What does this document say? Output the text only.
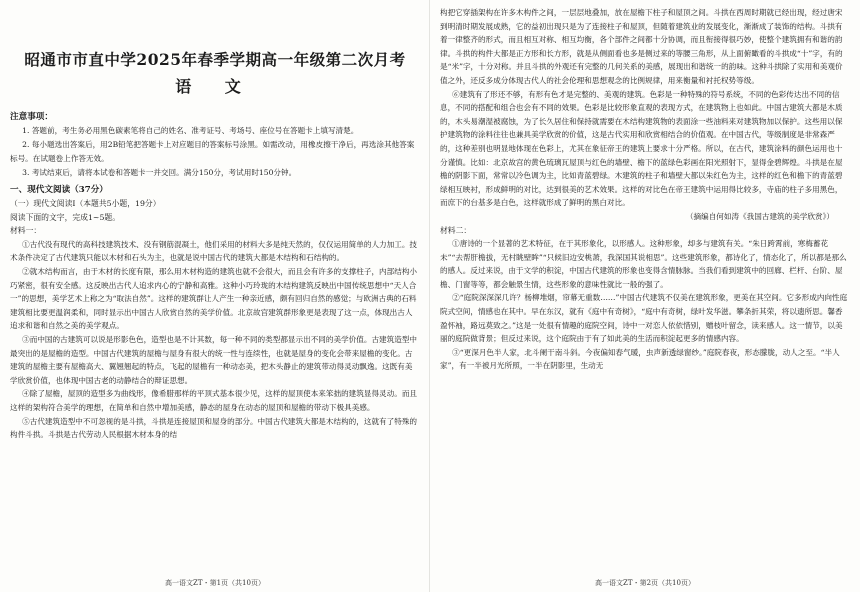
昭通市市直中学2025年春季学期高一年级第二次月考
语 文

注意事项：

1. 答题前，考生务必用黑色碳素笔将自己的姓名、准考证号、考场号、座位号在答题卡上填写清楚。

2. 每小题选出答案后，用2B铅笔把答题卡上对应题目的答案标号涂黑。如需改动，用橡皮擦干净后，再选涂其他答案标号。在试题卷上作答无效。

3. 考试结束后，请将本试卷和答题卡一并交回。满分150分，考试用时150分钟。

一、现代文阅读（37分）

（一）现代文阅读Ⅰ（本题共5小题，19分）

阅读下面的文字，完成1~5题。

材料一：

①古代没有现代的高科技建筑技术、没有钢筋混凝土，他们采用的材料大多是纯天然的，仅仅运用简单的人力加工。技术条件决定了古代建筑只能以木材和石头为主，也就是说中国古代的建筑大都是木结构和石结构的。

②就木结构而言，由于木材的长度有限，那么用木材构造的建筑也就不会很大，而且会有许多的支撑柱子，内部结构小巧紧密，很有安全感。这反映出古代人追求内心的宁静和高雅。这种小巧玲珑的木结构建筑反映出中国传统思想中“天人合一”的思想，美学艺术上称之为“取法自然”。这样的建筑群让人产生一种亲近感，颇有回归自然的感觉；与欧洲古典的石料建筑相比要更温润柔和，同时显示出中国古人欣赏自然的美学价值。北京故宫建筑群形象更是表现了这一点，体现出古人追求和谐和自然之美的美学观点。

③而中国的古建筑可以说是形影色色，造型也是不计其数，每一种不同的类型都显示出不同的美学价值。古建筑造型中最突出的是屋檐的造型。中国古代建筑的屋檐与屋身有很大的统一性与连续性，也就是屋身的变化会带来屋檐的变化。古建筑的屋檐主要有屋檐高大、翼翘翘起的特点，飞起的屋檐有一种动态美，把木头静止的建筑带动得灵动飘逸。这既有美学欣赏价值，也体现中国古老的动静结合的辩证思想。

④除了屋檐，屋顶的造型多为曲线形，像希腊那样的平顶式基本很少见，这样的屋顶使本来笨拙的建筑显得灵动。而且这样的架构符合美学的理想，在简单和自然中增加美感，静态的屋身在动态的屋顶和屋檐的带动下极具美感。

⑤古代建筑造型中不可忽视的是斗拱，斗拱是连接屋顶和屋身的部分。中国古代建筑大都是木结构的，这就有了特殊的构件斗拱。斗拱是古代劳动人民根据木材本身的结

高一语文ZT・第1页（共10页）

构把它穿插架构在许多木构件之间，一层层地叠加，放在屋檐下柱子和屋顶之间。斗拱在西周时期就已经出现，经过唐宋到明清时期发展成熟，它的益初出现只是为了连接柱子和屋顶，但随着建筑业的发展变化，渐渐成了装饰的结构。斗拱有着一律整齐的形式，而且相互对称、相互均衡，各个部件之间都十分协调，而且衔接得很巧妙，使整个建筑拥有和谐的韵律。斗拱的构件大都是正方形和长方形，就是从侧面看也多是侧过来的等腰三角形，从上面俯瞰看的斗拱成“十”字，有的是“米”字，十分对称。并且斗拱的外观还有完整的几何关系的美感，展现出和谐统一的韵味。这种斗拱除了实用和美观价值之外，还反多成分体现古代人的社会伦理和思想观念的比例规律，用来衡量和衬托权势等级。

⑥建筑有了形还不够，有形有色才是完整的、美观的建筑。色彩是一种特殊的符号系统，不同的色彩传达出不同的信息，不同的搭配和组合也会有不同的效果。色彩是比较形象直观的表现方式，在建筑物上也如此。中国古建筑大都是木质的，木头易潮湿被腐蚀，为了长久居住和保持就需要在木结构建筑物的表面涂一些油料来对建筑物加以保护。这些用以保护建筑物的涂料往往也兼具美学欣赏的价值，这是古代实用和欣赏相结合的价值观。在中国古代，等级制度是非常森严的，这种差别也明显地体现在色彩上，尤其在象征帝王的建筑上要求十分严格。所以，在古代，建筑涂料的颜色运用也十分谨慎。比如：北京故宫的黄色琉璃瓦屋顶与红色的墙壁、檐下的蓝绿色彩画在阳光照射下，显得金碧辉煌。斗拱是在屋檐的阴影下面，常常以冷色调为主，比如青蓝碧绿。木建筑的柱子和墙壁大都以朱红色为主，这样的红色和檐下的青蓝碧绿相互映衬，形成鲜明的对比，达到很美的艺术效果。这样的对比色在帝王建筑中运用得比较多，寺庙的柱子多用黑色，而庶下的台基多是白色，这样就形成了鲜明的黑白对比。

（摘编自何如涛《我国古建筑的美学欣赏》）

材料二：

①唐诗的一个显著的艺术特征，在于其形象化，以形感人。这种形象，却多与建筑有关。“朱日跨霄前，寒梅蓄花未”“去帮肝檐拔，无村眺壁眸”“只候旧边安桃萧，我深国其说相思”。这些建筑形象，都诗化了，情态化了，所以都是那么的感人。反过来说，由于文学的积淀，中国古代建筑的形象也变得含情脉脉。当我们看到建筑中的回廊、栏杆、台阶、屋檐、门窗等等，都会触景生情，这些形象的意味性就比一般的强了。

②“庭院深深深几许？杨柳堆烟，帘幕无重数……”中国古代建筑不仅美在建筑形象，更美在其空间。它多形成内向性庭院式空间，情感也在其中。早在东汉，就有《庭中有奇树》，“庭中有奇树，绿叶发华滋。攀条折其荣，将以遗所思。馨香盈怀袖，路远莫致之。”这是一处很有情趣的庭院空间，诗中一对恋人依依惜别，赠枝叶留念，读来感人。这一情节，以美丽的庭院做背景；但反过来说，这个庭院由于有了如此美的生活而积淀起更多的情感内容。

③“更深月色半人家，北斗阑干南斗斜。今夜偏知春气暖，虫声新透绿窗纱。”庭院春夜，形态朦胧，动人之至。“半人家”，有一半被月光所照，一半在阴影里，生动无

高一语文ZT・第2页（共10页）
